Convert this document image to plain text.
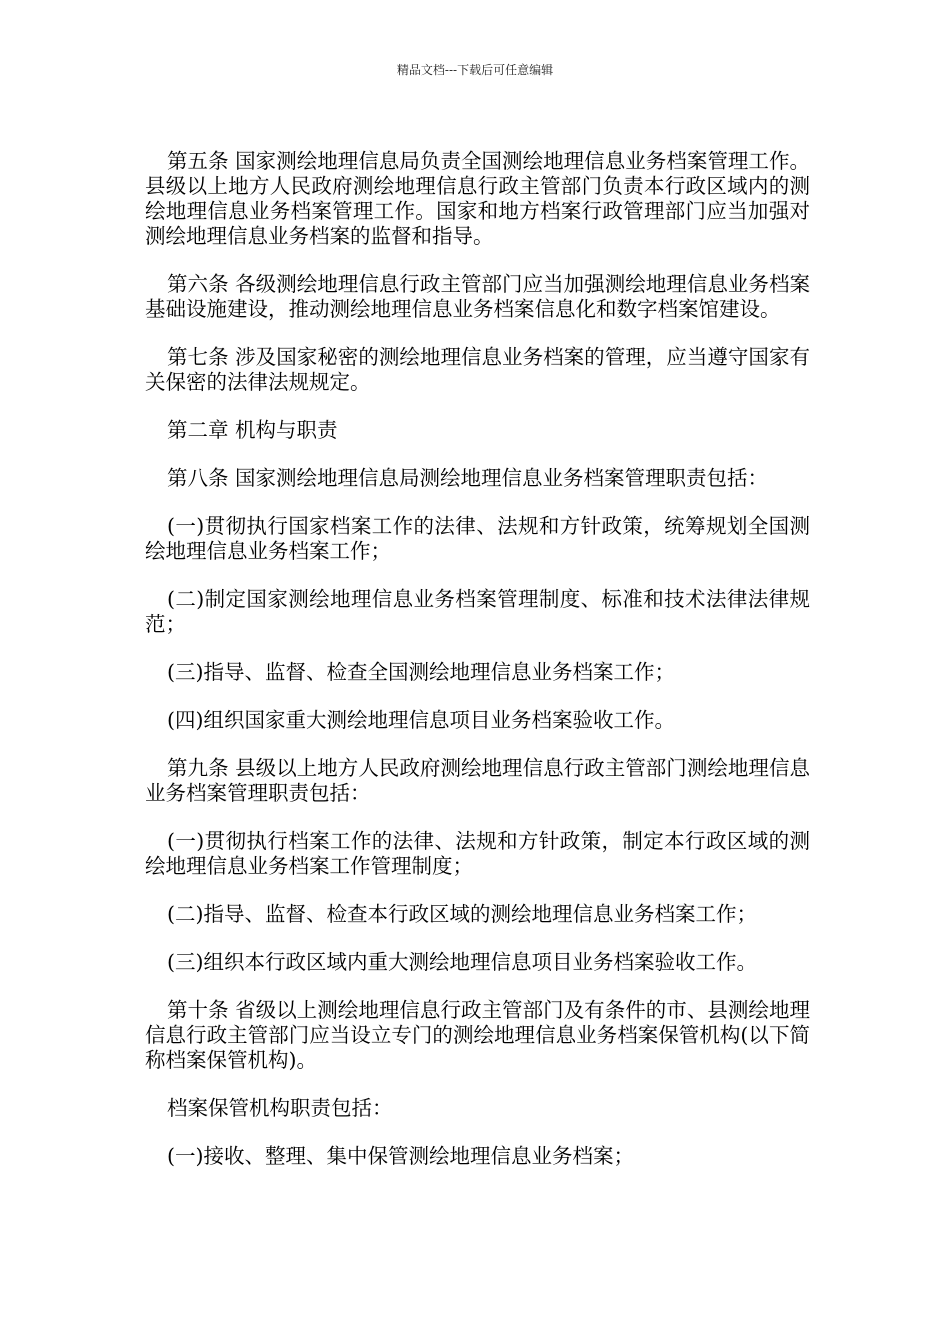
精品文档---下载后可任意编辑

第五条 国家测绘地理信息局负责全国测绘地理信息业务档案管理工作。县级以上地方人民政府测绘地理信息行政主管部门负责本行政区域内的测绘地理信息业务档案管理工作。国家和地方档案行政管理部门应当加强对测绘地理信息业务档案的监督和指导。

第六条 各级测绘地理信息行政主管部门应当加强测绘地理信息业务档案基础设施建设，推动测绘地理信息业务档案信息化和数字档案馆建设。

第七条 涉及国家秘密的测绘地理信息业务档案的管理，应当遵守国家有关保密的法律法规规定。

第二章 机构与职责

第八条 国家测绘地理信息局测绘地理信息业务档案管理职责包括：

(一)贯彻执行国家档案工作的法律、法规和方针政策，统筹规划全国测绘地理信息业务档案工作；

(二)制定国家测绘地理信息业务档案管理制度、标准和技术法律法律规范；

(三)指导、监督、检查全国测绘地理信息业务档案工作；

(四)组织国家重大测绘地理信息项目业务档案验收工作。

第九条 县级以上地方人民政府测绘地理信息行政主管部门测绘地理信息业务档案管理职责包括：

(一)贯彻执行档案工作的法律、法规和方针政策，制定本行政区域的测绘地理信息业务档案工作管理制度；

(二)指导、监督、检查本行政区域的测绘地理信息业务档案工作；

(三)组织本行政区域内重大测绘地理信息项目业务档案验收工作。

第十条 省级以上测绘地理信息行政主管部门及有条件的市、县测绘地理信息行政主管部门应当设立专门的测绘地理信息业务档案保管机构(以下简称档案保管机构)。

档案保管机构职责包括：

(一)接收、整理、集中保管测绘地理信息业务档案；
